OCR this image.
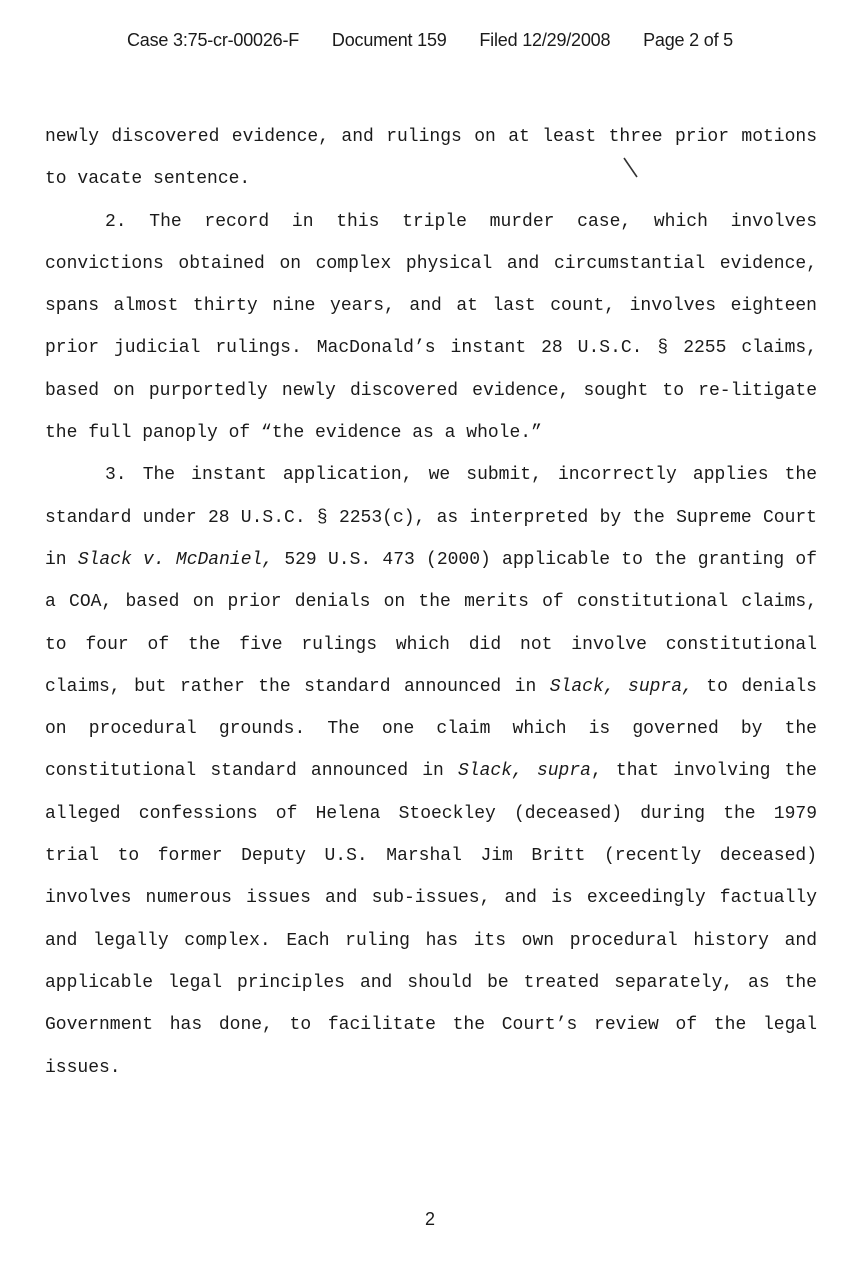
Case 3:75-cr-00026-F Document 159 Filed 12/29/2008 Page 2 of 5

newly discovered evidence, and rulings on at least three prior motions to vacate sentence.

2. The record in this triple murder case, which involves convictions obtained on complex physical and circumstantial evidence, spans almost thirty nine years, and at last count, involves eighteen prior judicial rulings. MacDonald’s instant 28 U.S.C. § 2255 claims, based on purportedly newly discovered evidence, sought to re-litigate the full panoply of “the evidence as a whole.”

3. The instant application, we submit, incorrectly applies the standard under 28 U.S.C. § 2253(c), as interpreted by the Supreme Court in Slack v. McDaniel, 529 U.S. 473 (2000) applicable to the granting of a COA, based on prior denials on the merits of constitutional claims, to four of the five rulings which did not involve constitutional claims, but rather the standard announced in Slack, supra, to denials on procedural grounds. The one claim which is governed by the constitutional standard announced in Slack, supra, that involving the alleged confessions of Helena Stoeckley (deceased) during the 1979 trial to former Deputy U.S. Marshal Jim Britt (recently deceased) involves numerous issues and sub-issues, and is exceedingly factually and legally complex. Each ruling has its own procedural history and applicable legal principles and should be treated separately, as the Government has done, to facilitate the Court’s review of the legal issues.

2
